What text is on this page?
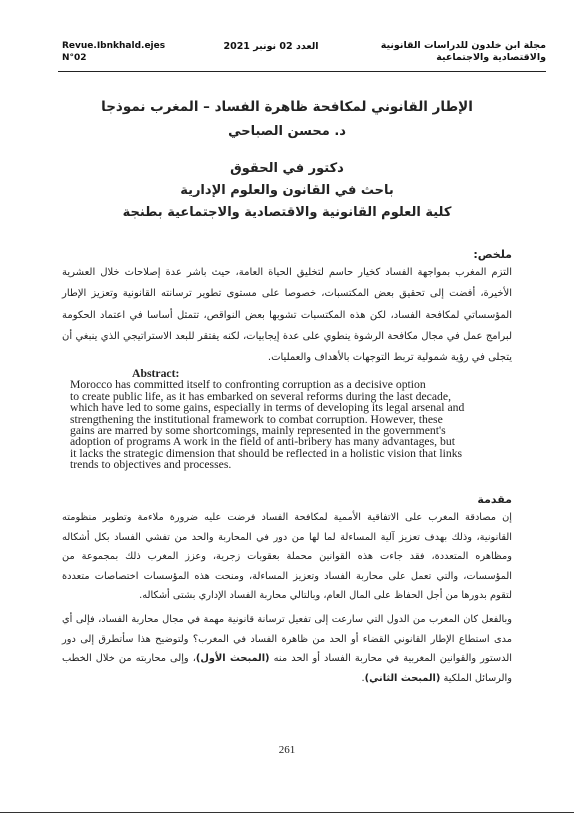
مجلة ابن خلدون للدراسات القانونية
والاقتصادية والاجتماعية
العدد 02 نونبر 2021
Revue.Ibnkhald.ejes
N°02
الإطار القانوني لمكافحة ظاهرة الفساد – المغرب نموذجا
د. محسن الصباحي
دكتور في الحقوق
باحث في القانون والعلوم الإدارية
كلية العلوم القانونية والاقتصادية والاجتماعية بطنجة
ملخص:
التزم المغرب بمواجهة الفساد كخيار حاسم لتخليق الحياة العامة، حيث باشر عدة إصلاحات خلال العشرية الأخيرة، أفضت إلى تحقيق بعض المكتسبات، خصوصا على مستوى تطوير ترسانته القانونية وتعزيز الإطار المؤسساتي لمكافحة الفساد، لكن هذه المكتسبات تشوبها بعض النواقص، تتمثل أساسا في اعتماد الحكومة لبرامج عمل في مجال مكافحة الرشوة ينطوي على عدة إيجابيات، لكنه يفتقر للبعد الاستراتيجي الذي ينبغي أن يتجلى في رؤية شمولية تربط التوجهات بالأهداف والعمليات.
Abstract:
Morocco has committed itself to confronting corruption as a decisive option
to create public life, as it has embarked on several reforms during the last decade,
which have led to some gains, especially in terms of developing its legal arsenal and
strengthening the institutional framework to combat corruption. However, these
gains are marred by some shortcomings, mainly represented in the government's
adoption of programs A work in the field of anti-bribery has many advantages, but
it lacks the strategic dimension that should be reflected in a holistic vision that links
trends to objectives and processes.
مقدمة
إن مصادقة المغرب على الاتفاقية الأممية لمكافحة الفساد فرضت عليه ضرورة ملاءمة وتطوير منظومته القانونية، وذلك بهدف تعزيز آلية المساءلة لما لها من دور في المحاربة والحد من تفشي الفساد بكل أشكاله ومظاهره المتعددة، فقد جاءت هذه القوانين محملة بعقوبات زجرية، وعزز المغرب ذلك بمجموعة من المؤسسات، والتي تعمل على محاربة الفساد وتعزيز المساءلة، ومنحت هذه المؤسسات اختصاصات متعددة لتقوم بدورها من أجل الحفاظ على المال العام، وبالتالي محاربة الفساد الإداري بشتى أشكاله.
وبالفعل كان المغرب من الدول التي سارعت إلى تفعيل ترسانة قانونية مهمة في مجال محاربة الفساد، فإلى أي مدى استطاع الإطار القانوني القضاء أو الحد من ظاهرة الفساد في المغرب؟ ولتوضيح هذا سأتطرق إلى دور الدستور والقوانين المغربية في محاربة الفساد أو الحد منه (المبحث الأول)، وإلى محاربته من خلال الخطب والرسائل الملكية (المبحث الثاني).
261
